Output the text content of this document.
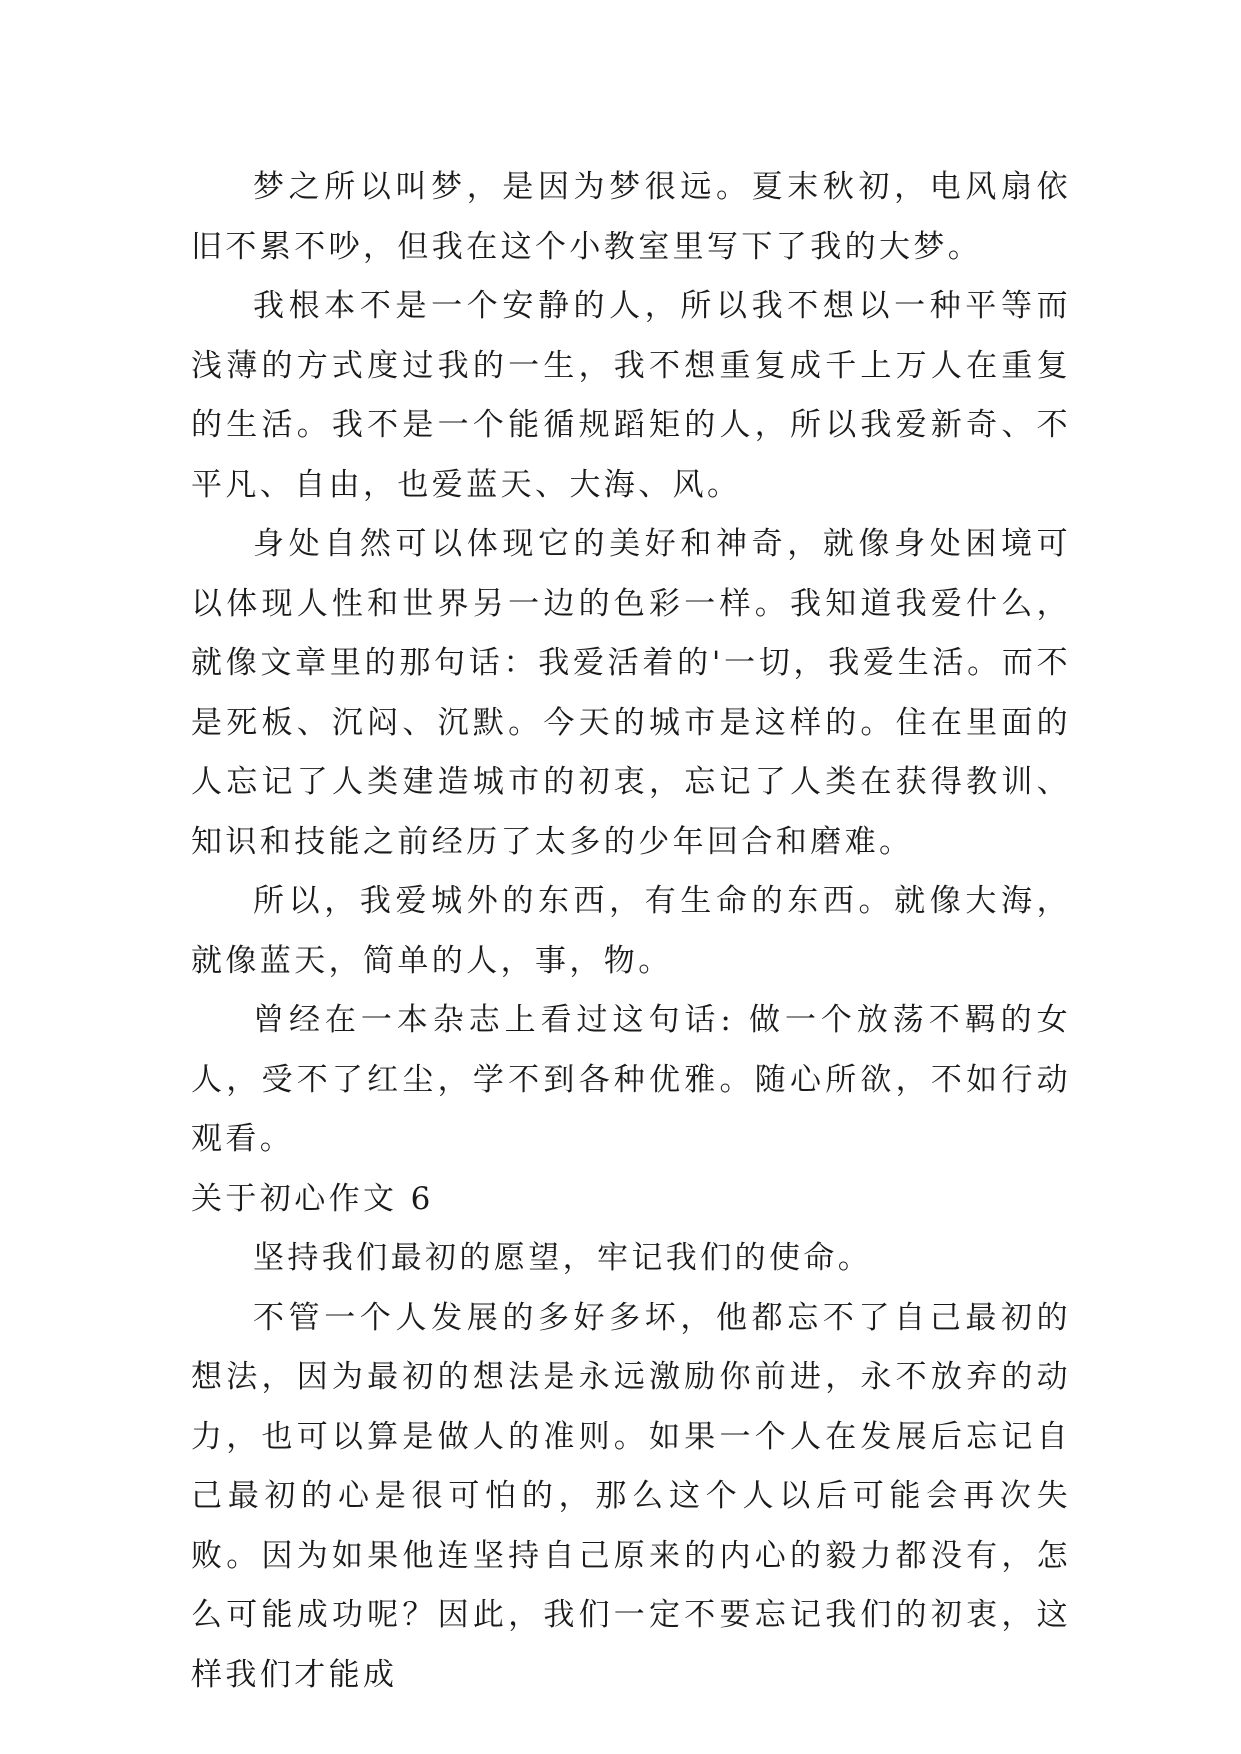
梦之所以叫梦，是因为梦很远。夏末秋初，电风扇依旧不累不吵，但我在这个小教室里写下了我的大梦。

我根本不是一个安静的人，所以我不想以一种平等而浅薄的方式度过我的一生，我不想重复成千上万人在重复的生活。我不是一个能循规蹈矩的人，所以我爱新奇、不平凡、自由，也爱蓝天、大海、风。

身处自然可以体现它的美好和神奇，就像身处困境可以体现人性和世界另一边的色彩一样。我知道我爱什么，就像文章里的那句话：我爱活着的'一切，我爱生活。而不是死板、沉闷、沉默。今天的城市是这样的。住在里面的人忘记了人类建造城市的初衷，忘记了人类在获得教训、知识和技能之前经历了太多的少年回合和磨难。

所以，我爱城外的东西，有生命的东西。就像大海，就像蓝天，简单的人，事，物。

曾经在一本杂志上看过这句话: 做一个放荡不羁的女人，受不了红尘，学不到各种优雅。随心所欲，不如行动观看。

关于初心作文 6

坚持我们最初的愿望，牢记我们的使命。

不管一个人发展的多好多坏，他都忘不了自己最初的想法，因为最初的想法是永远激励你前进，永不放弃的动力，也可以算是做人的准则。如果一个人在发展后忘记自己最初的心是很可怕的，那么这个人以后可能会再次失败。因为如果他连坚持自己原来的内心的毅力都没有，怎么可能成功呢？因此，我们一定不要忘记我们的初衷，这样我们才能成
